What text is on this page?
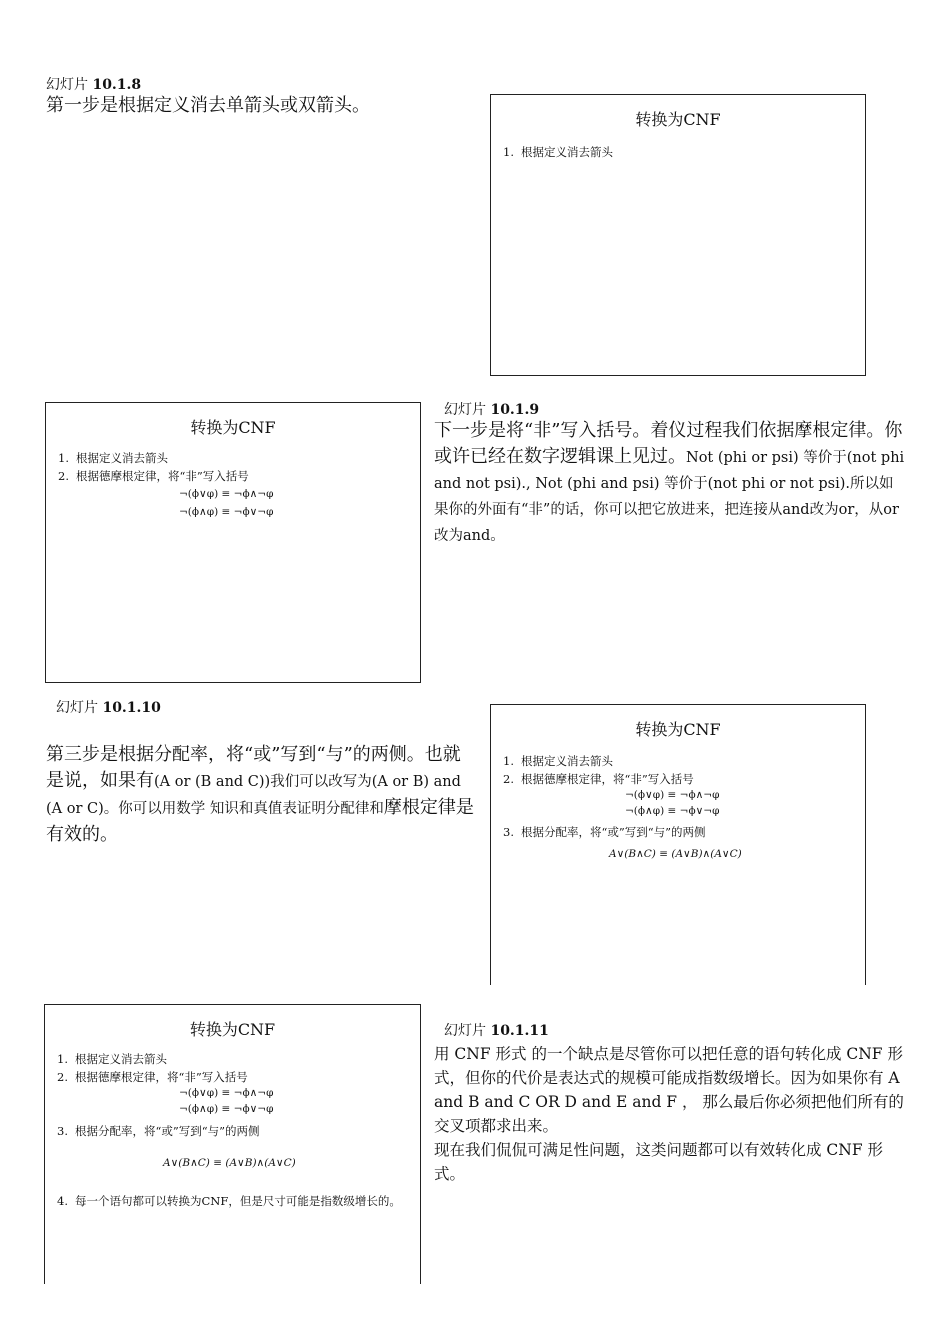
幻灯片 10.1.8
第一步是根据定义消去单箭头或双箭头。
转换为CNF
1. 根据定义消去箭头
转换为CNF
1. 根据定义消去箭头
2. 根据德摩根定律，将“非”写入括号
¬(ϕ∨φ) ≡ ¬ϕ∧¬φ
¬(ϕ∧φ) ≡ ¬ϕ∨¬φ
幻灯片 10.1.9
下一步是将“非”写入括号。着仪过程我们依据摩根定律。你或许已经在数字逻辑课上见过。Not (phi or psi) 等价于(not phi and not psi)., Not (phi and psi) 等价于(not phi or not psi).所以如果你的外面有“非”的话，你可以把它放进来，把连接从and改为or，从or改为and。
幻灯片 10.1.10
第三步是根据分配率，将“或”写到“与”的两侧。也就是说，如果有(A or (B and C))我们可以改写为(A or B) and (A or C)。你可以用数学 知识和真值表证明分配律和摩根定律是有效的。
转换为CNF
1. 根据定义消去箭头
2. 根据德摩根定律，将“非”写入括号
¬(ϕ∨φ) ≡ ¬ϕ∧¬φ
¬(ϕ∧φ) ≡ ¬ϕ∨¬φ
3. 根据分配率，将“或”写到“与”的两侧
A∨(B∧C) ≡ (A∨B)∧(A∨C)
转换为CNF
1. 根据定义消去箭头
2. 根据德摩根定律，将“非”写入括号
¬(ϕ∨φ) ≡ ¬ϕ∧¬φ
¬(ϕ∧φ) ≡ ¬ϕ∨¬φ
3. 根据分配率，将“或”写到“与”的两侧
A∨(B∧C) ≡ (A∨B)∧(A∨C)
4. 每一个语句都可以转换为CNF，但是尺寸可能是指数级增长的。
幻灯片 10.1.11
用 CNF 形式 的一个缺点是尽管你可以把任意的语句转化成 CNF 形式，但你的代价是表达式的规模可能成指数级增长。因为如果你有 A and B and C OR D and E and F ， 那么最后你必须把他们所有的交叉项都求出来。
现在我们侃侃可满足性问题，这类问题都可以有效转化成 CNF 形式。
